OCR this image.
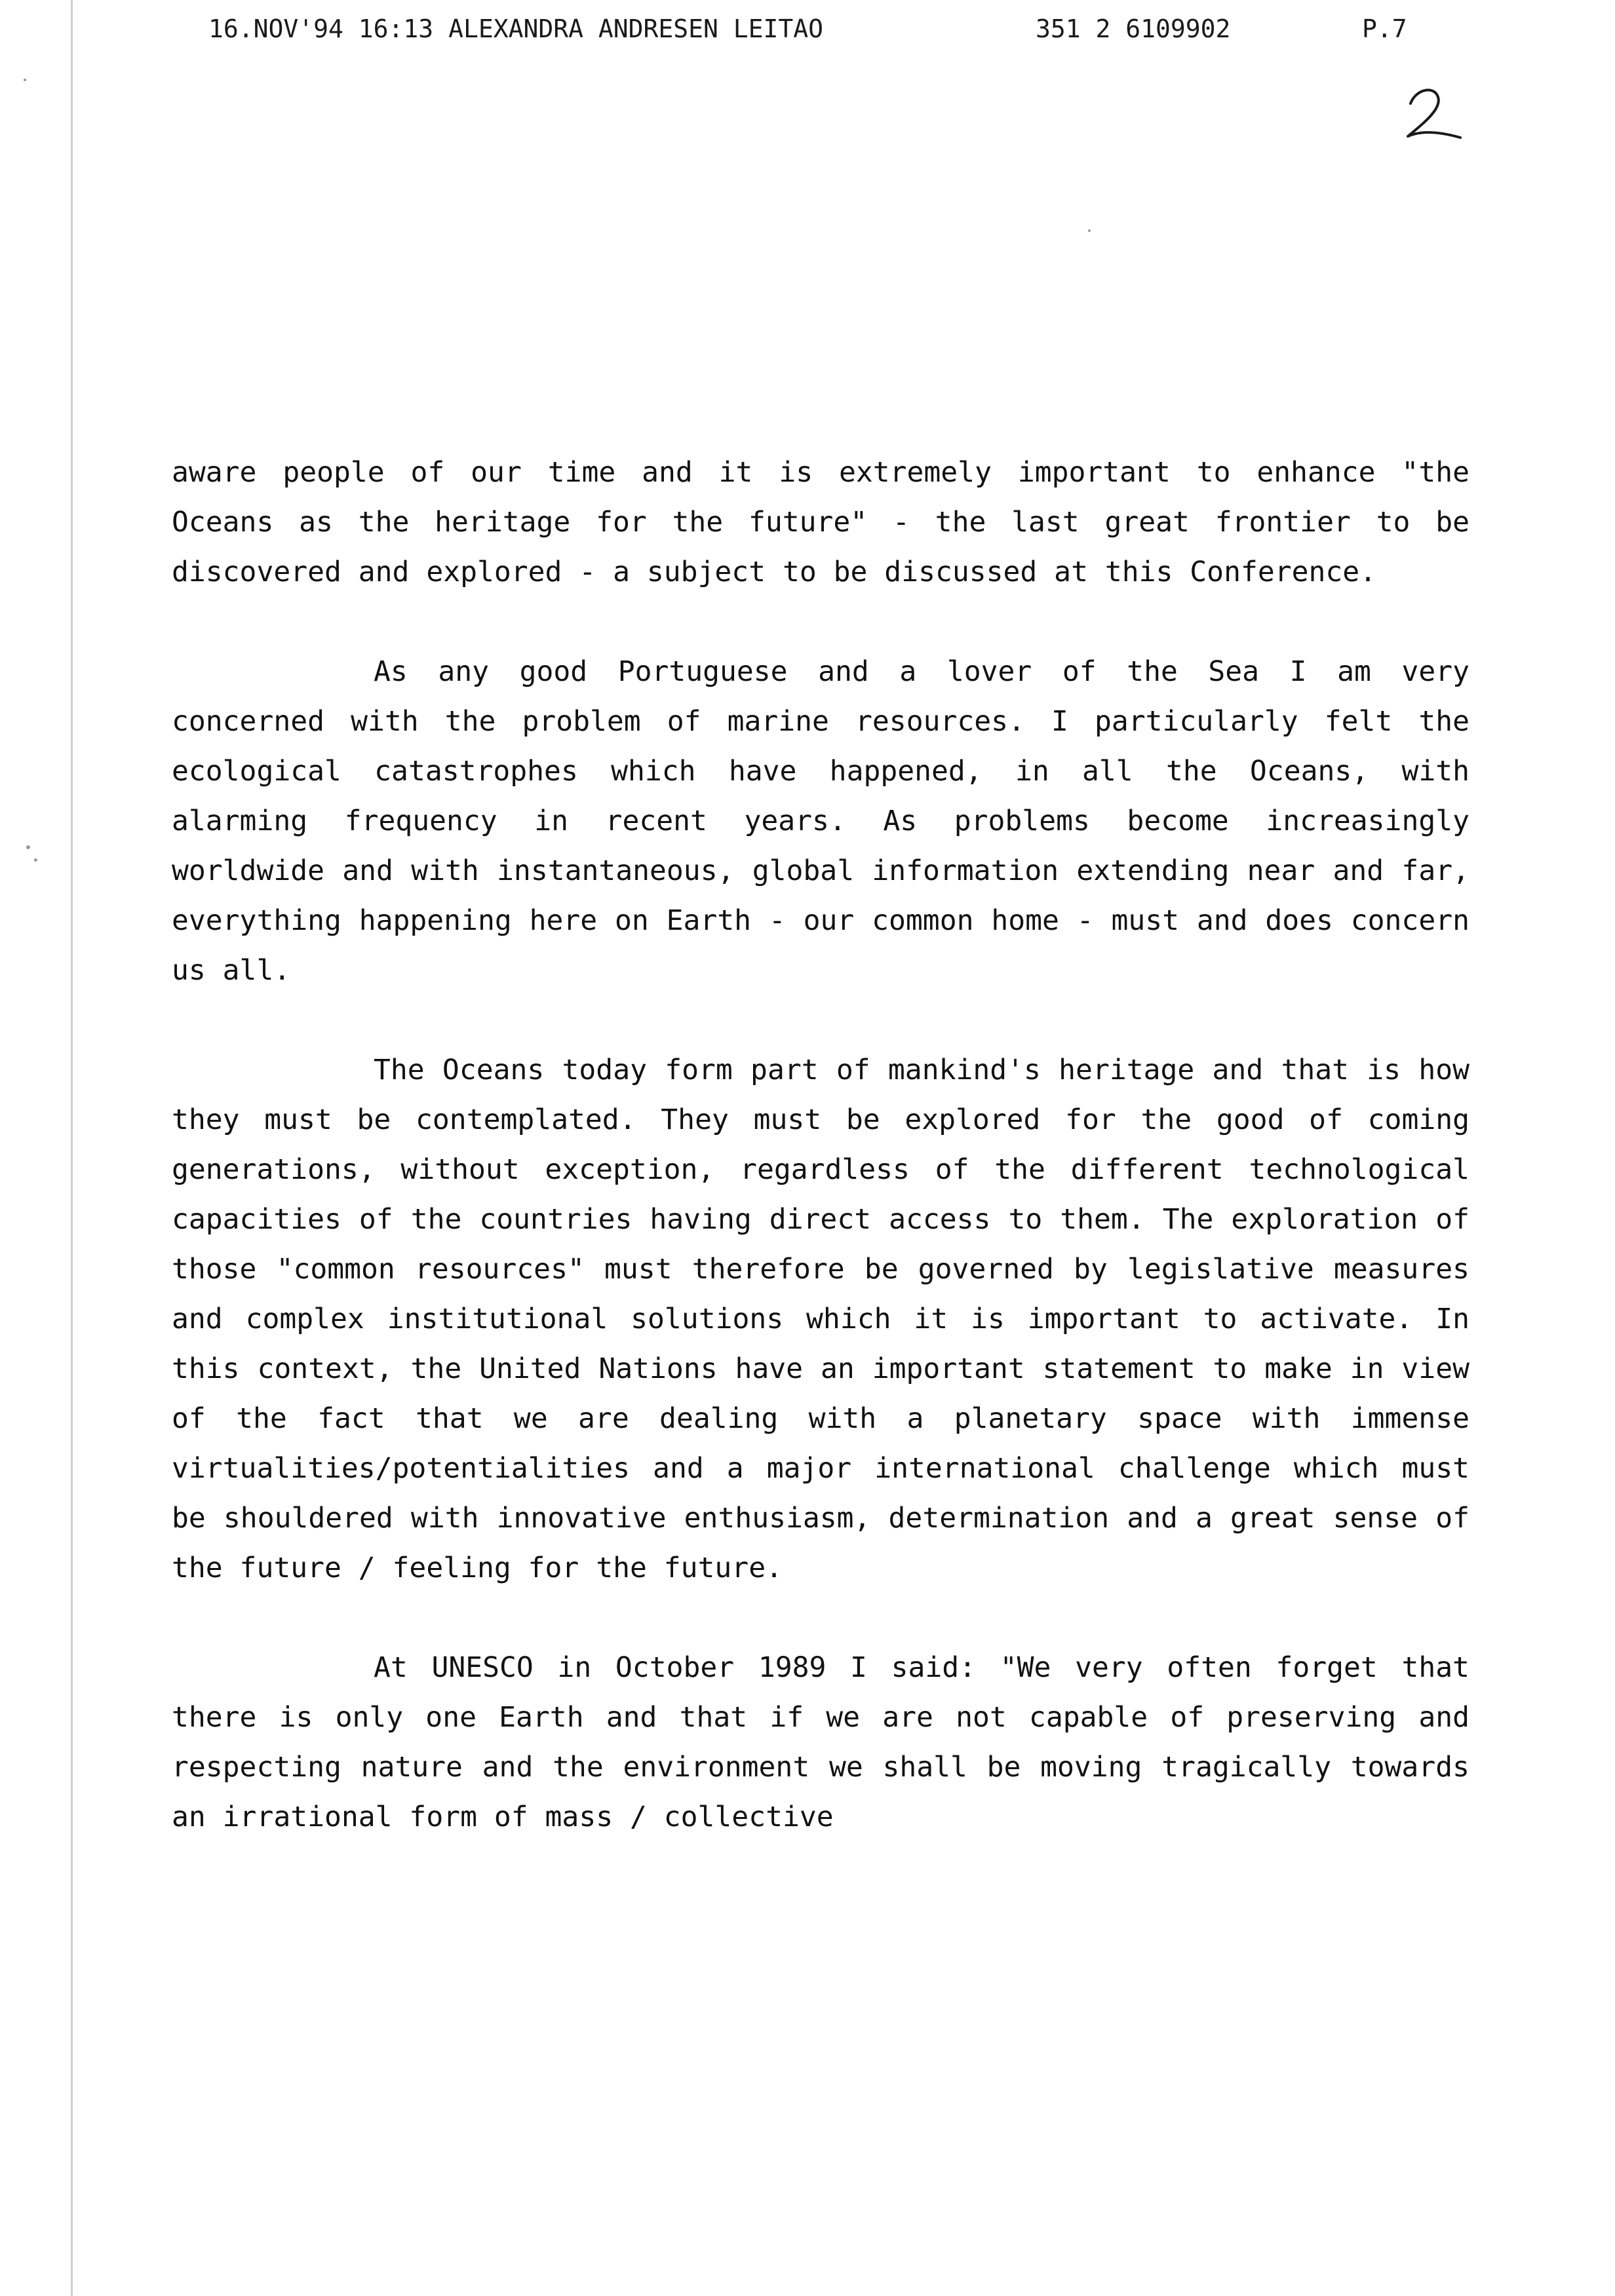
16.NOV'94 16:13 ALEXANDRA ANDRESEN LEITAO	351 2 6109902	P.7

aware people of our time and it is extremely important to enhance "the Oceans as the heritage for the future" - the last great frontier to be discovered and explored - a subject to be discussed at this Conference.

As any good Portuguese and a lover of the Sea I am very concerned with the problem of marine resources. I particularly felt the ecological catastrophes which have happened, in all the Oceans, with alarming frequency in recent years. As problems become increasingly worldwide and with instantaneous, global information extending near and far, everything happening here on Earth - our common home - must and does concern us all.

The Oceans today form part of mankind's heritage and that is how they must be contemplated. They must be explored for the good of coming generations, without exception, regardless of the different technological capacities of the countries having direct access to them. The exploration of those "common resources" must therefore be governed by legislative measures and complex institutional solutions which it is important to activate. In this context, the United Nations have an important statement to make in view of the fact that we are dealing with a planetary space with immense virtualities/potentialities and a major international challenge which must be shouldered with innovative enthusiasm, determination and a great sense of the future / feeling for the future.

At UNESCO in October 1989 I said: "We very often forget that there is only one Earth and that if we are not capable of preserving and respecting nature and the environment we shall be moving tragically towards an irrational form of mass / collective
